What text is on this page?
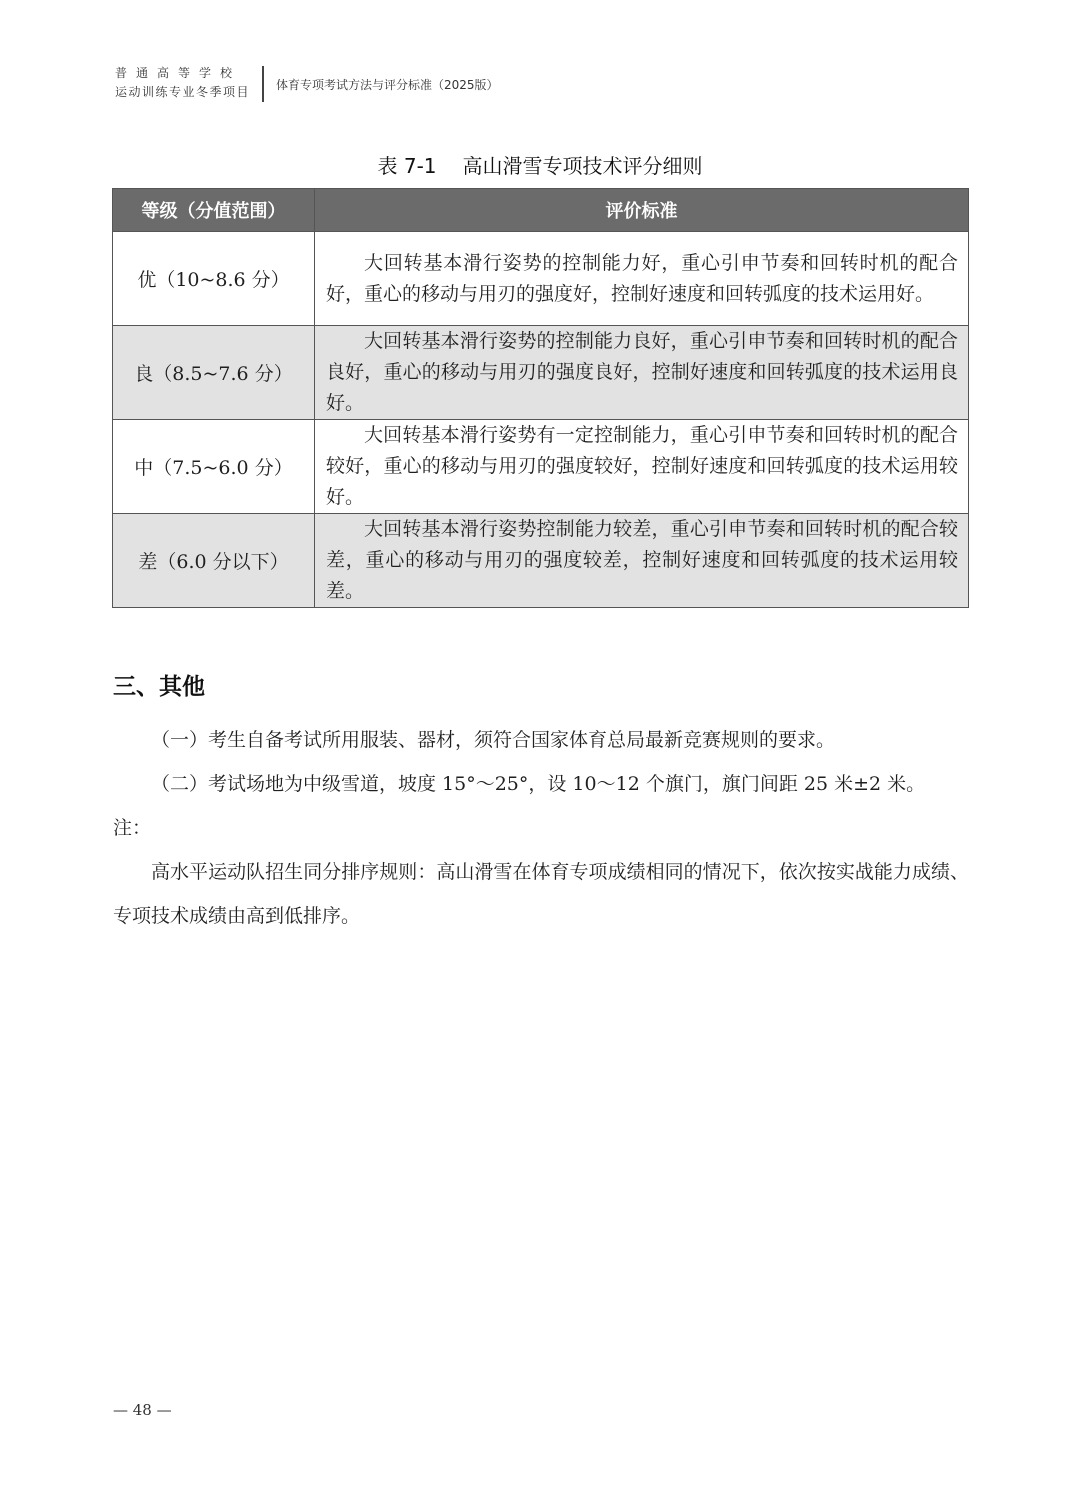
普通高等学校
运动训练专业冬季项目 体育专项考试方法与评分标准（2025版）
表 7-1 高山滑雪专项技术评分细则
等级（分值范围）	评价标准
优（10~8.6 分）	大回转基本滑行姿势的控制能力好，重心引申节奏和回转时机的配合好，重心的移动与用刃的强度好，控制好速度和回转弧度的技术运用好。
良（8.5~7.6 分）	大回转基本滑行姿势的控制能力良好，重心引申节奏和回转时机的配合良好，重心的移动与用刃的强度良好，控制好速度和回转弧度的技术运用良好。
中（7.5~6.0 分）	大回转基本滑行姿势有一定控制能力，重心引申节奏和回转时机的配合较好，重心的移动与用刃的强度较好，控制好速度和回转弧度的技术运用较好。
差（6.0 分以下）	大回转基本滑行姿势控制能力较差，重心引申节奏和回转时机的配合较差，重心的移动与用刃的强度较差，控制好速度和回转弧度的技术运用较差。
三、其他

（一）考生自备考试所用服装、器材，须符合国家体育总局最新竞赛规则的要求。

（二）考试场地为中级雪道，坡度 15°～25°，设 10～12 个旗门，旗门间距 25 米±2 米。

注：

高水平运动队招生同分排序规则：高山滑雪在体育专项成绩相同的情况下，依次按实战能力成绩、专项技术成绩由高到低排序。

— 48 —
